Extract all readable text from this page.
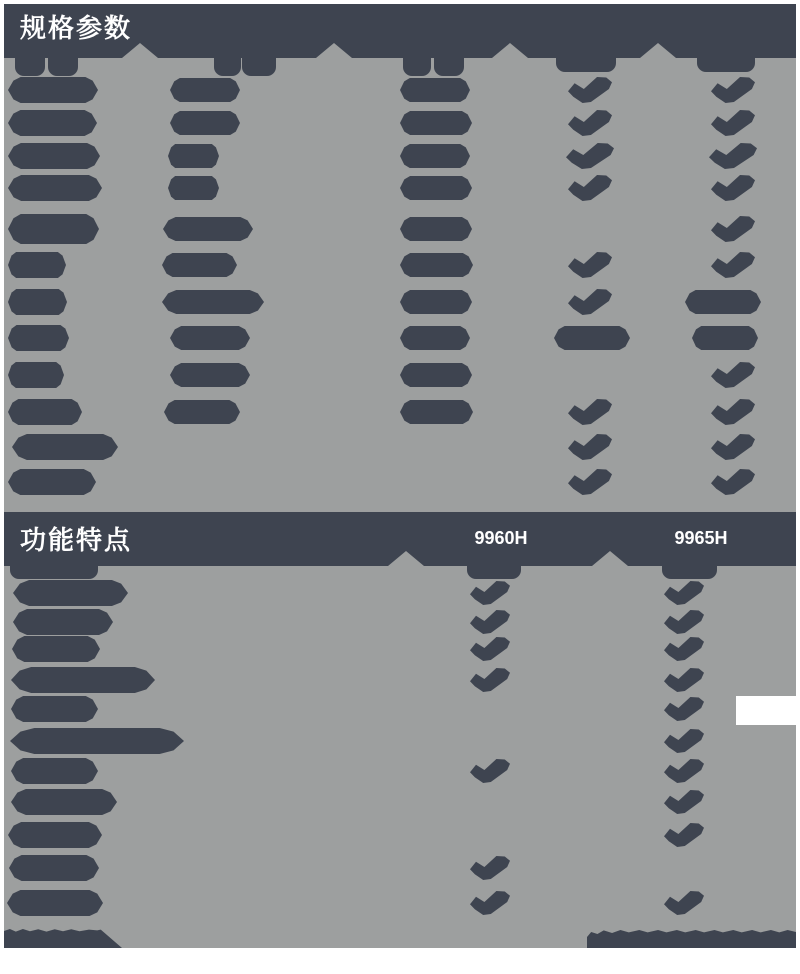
规格参数
功能特点	9960H	9965H
